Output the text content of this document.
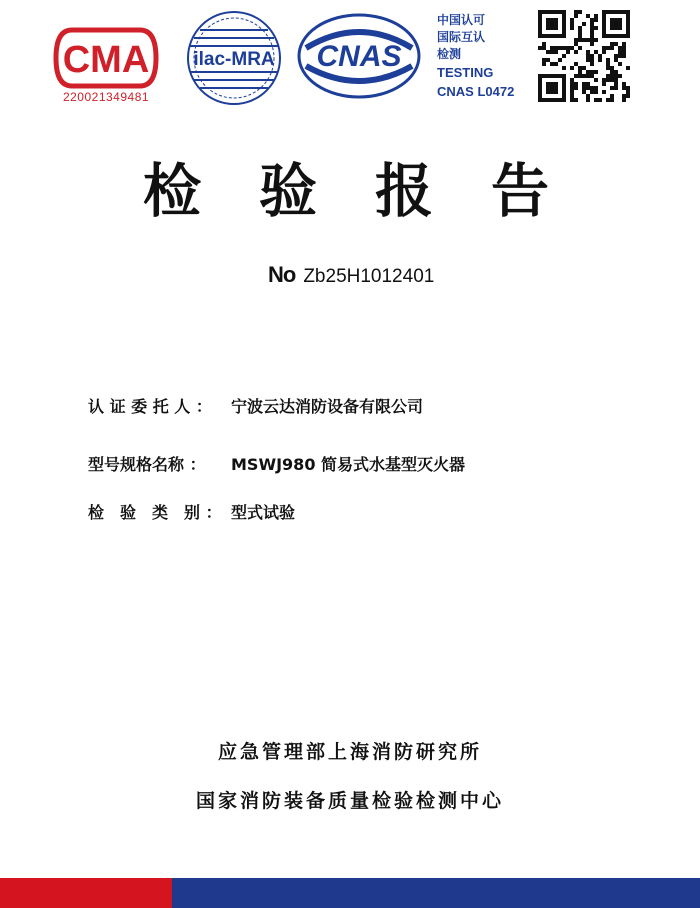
CMA
220021349481
ilac-MRA CNAS
中国认可
国际互认
检测
TESTING
CNAS L0472
检验报告
No Zb25H1012401
认 证 委 托 人 ： 宁波云达消防设备有限公司
型号规格名称 ： MSWJ980 简易式水基型灭火器
检　验　类　别 ： 型式试验
应急管理部上海消防研究所
国家消防装备质量检验检测中心
